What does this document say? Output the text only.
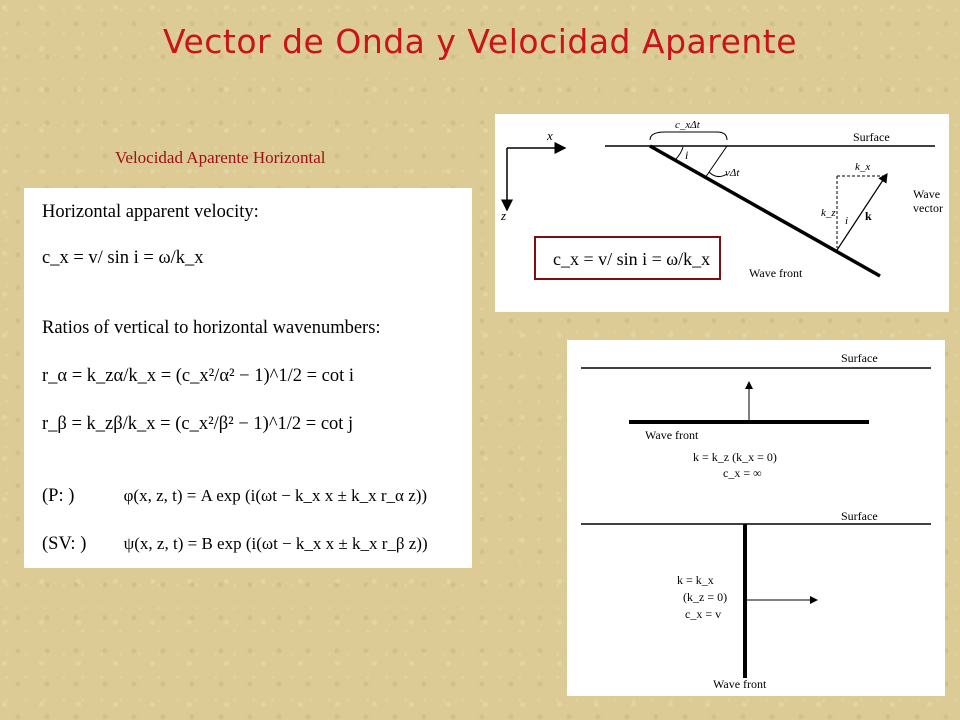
Vector de Onda y Velocidad Aparente
Velocidad Aparente Horizontal
Horizontal apparent velocity:
c_x = v/ sin i = ω/k_x
Ratios of vertical to horizontal wavenumbers:
r_α = k_zα/k_x = (c_x²/α² − 1)^1/2 = cot i
r_β = k_zβ/k_x = (c_x²/β² − 1)^1/2 = cot j
(P: )	φ(x, z, t) = A exp (i(ωt − k_x x ± k_x r_α z))
(SV: ) ψ(x, z, t) = B exp (i(ωt − k_x x ± k_x r_β z))
x
z
Surface
c_xΔt
vΔt
i
Wave front
k_x
k_z
i k
Wave
vector
c_x = v/ sin i = ω/k_x
Surface
Wave front
k = k_z (k_x = 0)
c_x = ∞
Surface
k = k_x
(k_z = 0)
c_x = v
Wave front
